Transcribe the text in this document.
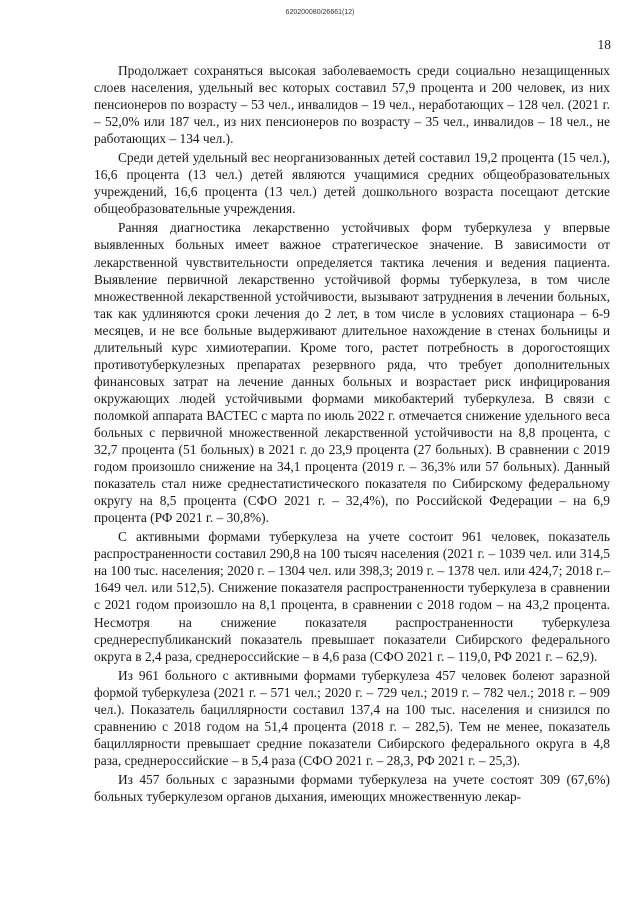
620200080/26661(12)
18

Продолжает сохраняться высокая заболеваемость среди социально незащищенных слоев населения, удельный вес которых составил 57,9 процента и 200 человек, из них пенсионеров по возрасту – 53 чел., инвалидов – 19 чел., неработающих – 128 чел. (2021 г. – 52,0% или 187 чел., из них пенсионеров по возрасту – 35 чел., инвалидов – 18 чел., не работающих – 134 чел.).

Среди детей удельный вес неорганизованных детей составил 19,2 процента (15 чел.), 16,6 процента (13 чел.) детей являются учащимися средних общеобразовательных учреждений, 16,6 процента (13 чел.) детей дошкольного возраста посещают детские общеобразовательные учреждения.

Ранняя диагностика лекарственно устойчивых форм туберкулеза у впервые выявленных больных имеет важное стратегическое значение. В зависимости от лекарственной чувствительности определяется тактика лечения и ведения пациента. Выявление первичной лекарственно устойчивой формы туберкулеза, в том числе множественной лекарственной устойчивости, вызывают затруднения в лечении больных, так как удлиняются сроки лечения до 2 лет, в том числе в условиях стационара – 6-9 месяцев, и не все больные выдерживают длительное нахождение в стенах больницы и длительный курс химиотерапии. Кроме того, растет потребность в дорогостоящих противотуберкулезных препаратах резервного ряда, что требует дополнительных финансовых затрат на лечение данных больных и возрастает риск инфицирования окружающих людей устойчивыми формами микобактерий туберкулеза. В связи с поломкой аппарата ВАСТЕС с марта по июль 2022 г. отмечается снижение удельного веса больных с первичной множественной лекарственной устойчивости на 8,8 процента, с 32,7 процента (51 больных) в 2021 г. до 23,9 процента (27 больных). В сравнении с 2019 годом произошло снижение на 34,1 процента (2019 г. – 36,3% или 57 больных). Данный показатель стал ниже среднестатистического показателя по Сибирскому федеральному округу на 8,5 процента (СФО 2021 г. – 32,4%), по Российской Федерации – на 6,9 процента (РФ 2021 г. – 30,8%).

С активными формами туберкулеза на учете состоит 961 человек, показатель распространенности составил 290,8 на 100 тысяч населения (2021 г. – 1039 чел. или 314,5 на 100 тыс. населения; 2020 г. – 1304 чел. или 398,3; 2019 г. – 1378 чел. или 424,7; 2018 г.– 1649 чел. или 512,5). Снижение показателя распространенности туберкулеза в сравнении с 2021 годом произошло на 8,1 процента, в сравнении с 2018 годом – на 43,2 процента. Несмотря на снижение показателя распространенности туберкулеза среднереспубликанский показатель превышает показатели Сибирского федерального округа в 2,4 раза, среднероссийские – в 4,6 раза (СФО 2021 г. – 119,0, РФ 2021 г. – 62,9).

Из 961 больного с активными формами туберкулеза 457 человек болеют заразной формой туберкулеза (2021 г. – 571 чел.; 2020 г. – 729 чел.; 2019 г. – 782 чел.; 2018 г. – 909 чел.). Показатель бациллярности составил 137,4 на 100 тыс. населения и снизился по сравнению с 2018 годом на 51,4 процента (2018 г. – 282,5). Тем не менее, показатель бациллярности превышает средние показатели Сибирского федерального округа в 4,8 раза, среднероссийские – в 5,4 раза (СФО 2021 г. – 28,3, РФ 2021 г. – 25,3).

Из 457 больных с заразными формами туберкулеза на учете состоят 309 (67,6%) больных туберкулезом органов дыхания, имеющих множественную лекар-
